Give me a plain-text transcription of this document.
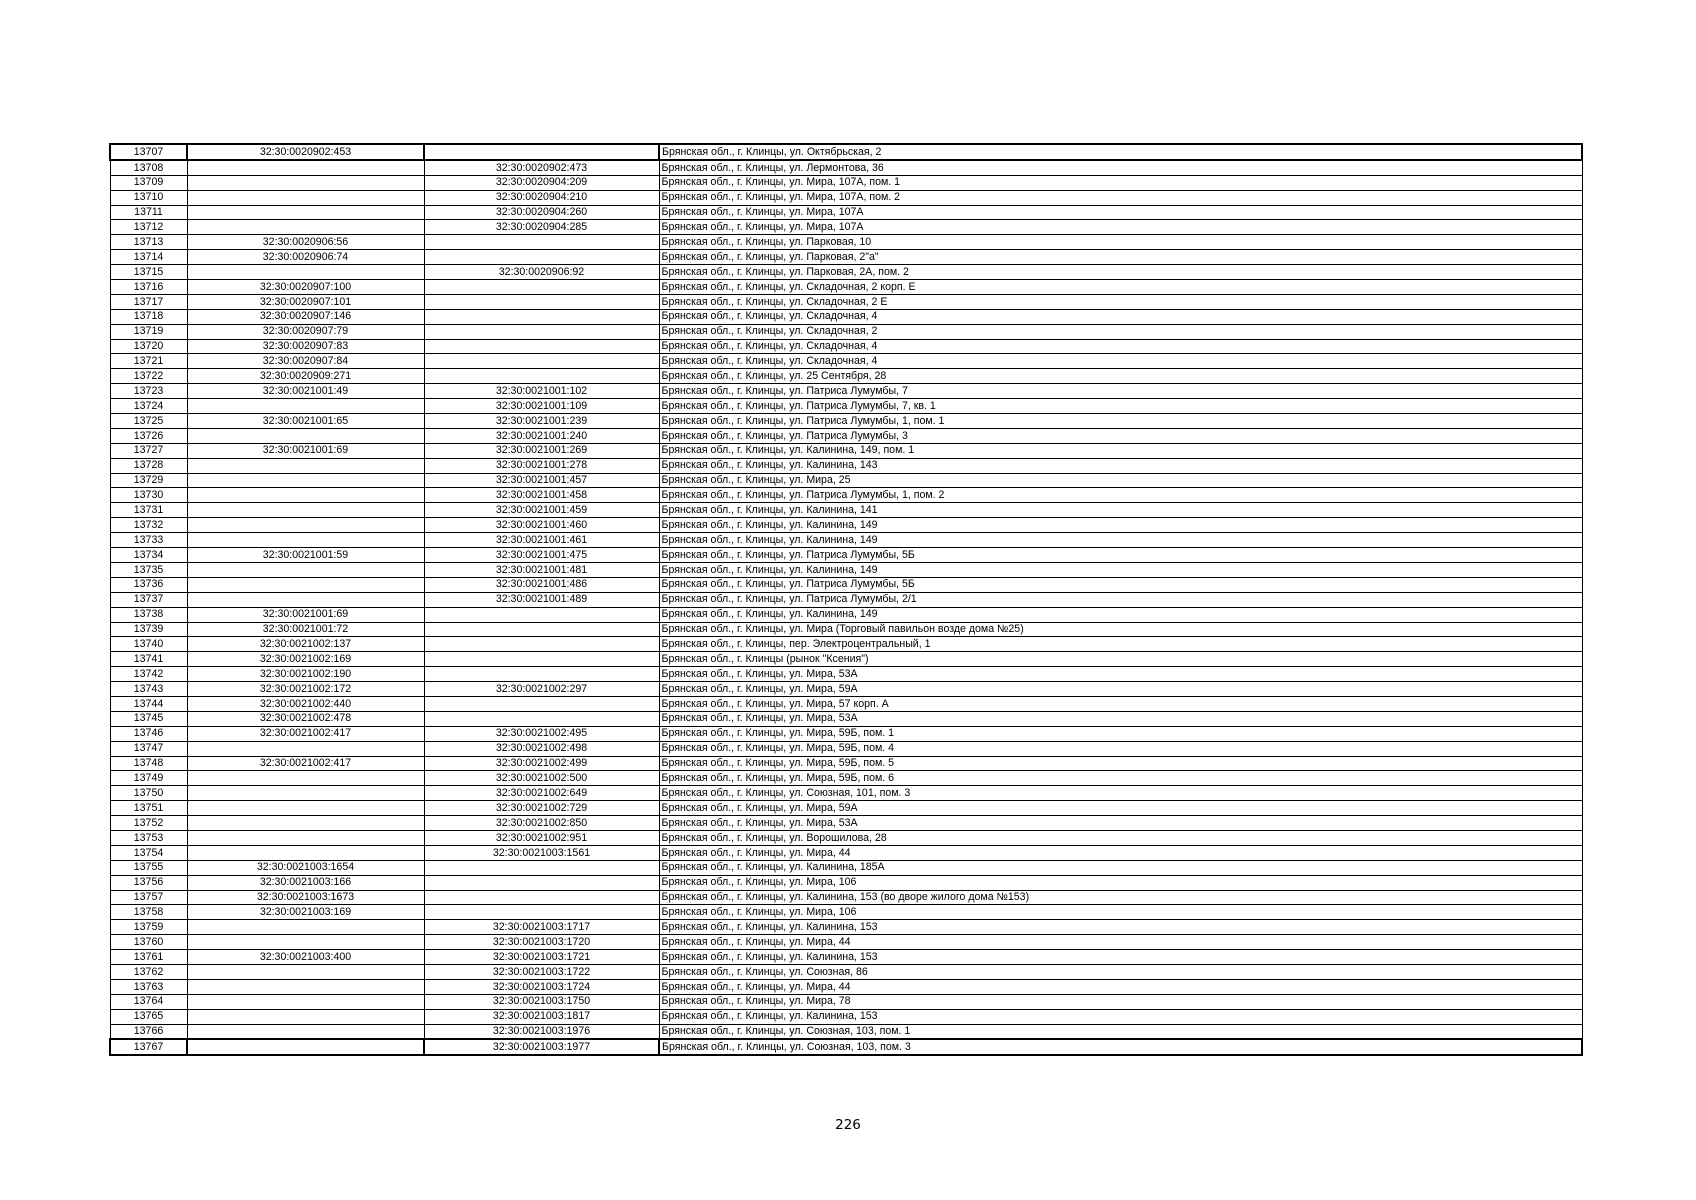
13707	32:30:0020902:453		Брянская обл., г. Клинцы, ул. Октябрьская, 2
13708		32:30:0020902:473	Брянская обл., г. Клинцы, ул. Лермонтова, 36
13709		32:30:0020904:209	Брянская обл., г. Клинцы, ул. Мира, 107А, пом. 1
13710		32:30:0020904:210	Брянская обл., г. Клинцы, ул. Мира, 107А, пом. 2
13711		32:30:0020904:260	Брянская обл., г. Клинцы, ул. Мира, 107А
13712		32:30:0020904:285	Брянская обл., г. Клинцы, ул. Мира, 107А
13713	32:30:0020906:56		Брянская обл., г. Клинцы, ул. Парковая, 10
13714	32:30:0020906:74		Брянская обл., г. Клинцы, ул. Парковая, 2"а"
13715		32:30:0020906:92	Брянская обл., г. Клинцы, ул. Парковая, 2А, пом. 2
13716	32:30:0020907:100		Брянская обл., г. Клинцы, ул. Складочная, 2 корп. Е
13717	32:30:0020907:101		Брянская обл., г. Клинцы, ул. Складочная, 2 Е
13718	32:30:0020907:146		Брянская обл., г. Клинцы, ул. Складочная, 4
13719	32:30:0020907:79		Брянская обл., г. Клинцы, ул. Складочная, 2
13720	32:30:0020907:83		Брянская обл., г. Клинцы, ул. Складочная, 4
13721	32:30:0020907:84		Брянская обл., г. Клинцы, ул. Складочная, 4
13722	32:30:0020909:271		Брянская обл., г. Клинцы, ул. 25 Сентября, 28
13723	32:30:0021001:49	32:30:0021001:102	Брянская обл., г. Клинцы, ул. Патриса Лумумбы, 7
13724		32:30:0021001:109	Брянская обл., г. Клинцы, ул. Патриса Лумумбы, 7, кв. 1
13725	32:30:0021001:65	32:30:0021001:239	Брянская обл., г. Клинцы, ул. Патриса Лумумбы, 1, пом. 1
13726		32:30:0021001:240	Брянская обл., г. Клинцы, ул. Патриса Лумумбы, 3
13727	32:30:0021001:69	32:30:0021001:269	Брянская обл., г. Клинцы, ул. Калинина, 149, пом. 1
13728		32:30:0021001:278	Брянская обл., г. Клинцы, ул. Калинина, 143
13729		32:30:0021001:457	Брянская обл., г. Клинцы, ул. Мира, 25
13730		32:30:0021001:458	Брянская обл., г. Клинцы, ул. Патриса Лумумбы, 1, пом. 2
13731		32:30:0021001:459	Брянская обл., г. Клинцы, ул. Калинина, 141
13732		32:30:0021001:460	Брянская обл., г. Клинцы, ул. Калинина, 149
13733		32:30:0021001:461	Брянская обл., г. Клинцы, ул. Калинина, 149
13734	32:30:0021001:59	32:30:0021001:475	Брянская обл., г. Клинцы, ул. Патриса Лумумбы, 5Б
13735		32:30:0021001:481	Брянская обл., г. Клинцы, ул. Калинина, 149
13736		32:30:0021001:486	Брянская обл., г. Клинцы, ул. Патриса Лумумбы, 5Б
13737		32:30:0021001:489	Брянская обл., г. Клинцы, ул. Патриса Лумумбы, 2/1
13738	32:30:0021001:69		Брянская обл., г. Клинцы, ул. Калинина, 149
13739	32:30:0021001:72		Брянская обл., г. Клинцы, ул. Мира (Торговый павильон возде дома №25)
13740	32:30:0021002:137		Брянская обл., г. Клинцы, пер. Электроцентральный, 1
13741	32:30:0021002:169		Брянская обл., г. Клинцы (рынок "Ксения")
13742	32:30:0021002:190		Брянская обл., г. Клинцы, ул. Мира, 53А
13743	32:30:0021002:172	32:30:0021002:297	Брянская обл., г. Клинцы, ул. Мира, 59А
13744	32:30:0021002:440		Брянская обл., г. Клинцы, ул. Мира, 57 корп. А
13745	32:30:0021002:478		Брянская обл., г. Клинцы, ул. Мира, 53А
13746	32:30:0021002:417	32:30:0021002:495	Брянская обл., г. Клинцы, ул. Мира, 59Б, пом. 1
13747		32:30:0021002:498	Брянская обл., г. Клинцы, ул. Мира, 59Б, пом. 4
13748	32:30:0021002:417	32:30:0021002:499	Брянская обл., г. Клинцы, ул. Мира, 59Б, пом. 5
13749		32:30:0021002:500	Брянская обл., г. Клинцы, ул. Мира, 59Б, пом. 6
13750		32:30:0021002:649	Брянская обл., г. Клинцы, ул. Союзная, 101, пом. 3
13751		32:30:0021002:729	Брянская обл., г. Клинцы, ул. Мира, 59А
13752		32:30:0021002:850	Брянская обл., г. Клинцы, ул. Мира, 53А
13753		32:30:0021002:951	Брянская обл., г. Клинцы, ул. Ворошилова, 28
13754		32:30:0021003:1561	Брянская обл., г. Клинцы, ул. Мира, 44
13755	32:30:0021003:1654		Брянская обл., г. Клинцы, ул. Калинина, 185А
13756	32:30:0021003:166		Брянская обл., г. Клинцы, ул. Мира, 106
13757	32:30:0021003:1673		Брянская обл., г. Клинцы, ул. Калинина, 153 (во дворе жилого дома №153)
13758	32:30:0021003:169		Брянская обл., г. Клинцы, ул. Мира, 106
13759		32:30:0021003:1717	Брянская обл., г. Клинцы, ул. Калинина, 153
13760		32:30:0021003:1720	Брянская обл., г. Клинцы, ул. Мира, 44
13761	32:30:0021003:400	32:30:0021003:1721	Брянская обл., г. Клинцы, ул. Калинина, 153
13762		32:30:0021003:1722	Брянская обл., г. Клинцы, ул. Союзная, 86
13763		32:30:0021003:1724	Брянская обл., г. Клинцы, ул. Мира, 44
13764		32:30:0021003:1750	Брянская обл., г. Клинцы, ул. Мира, 78
13765		32:30:0021003:1817	Брянская обл., г. Клинцы, ул. Калинина, 153
13766		32:30:0021003:1976	Брянская обл., г. Клинцы, ул. Союзная, 103, пом. 1
13767		32:30:0021003:1977	Брянская обл., г. Клинцы, ул. Союзная, 103, пом. 3
226
